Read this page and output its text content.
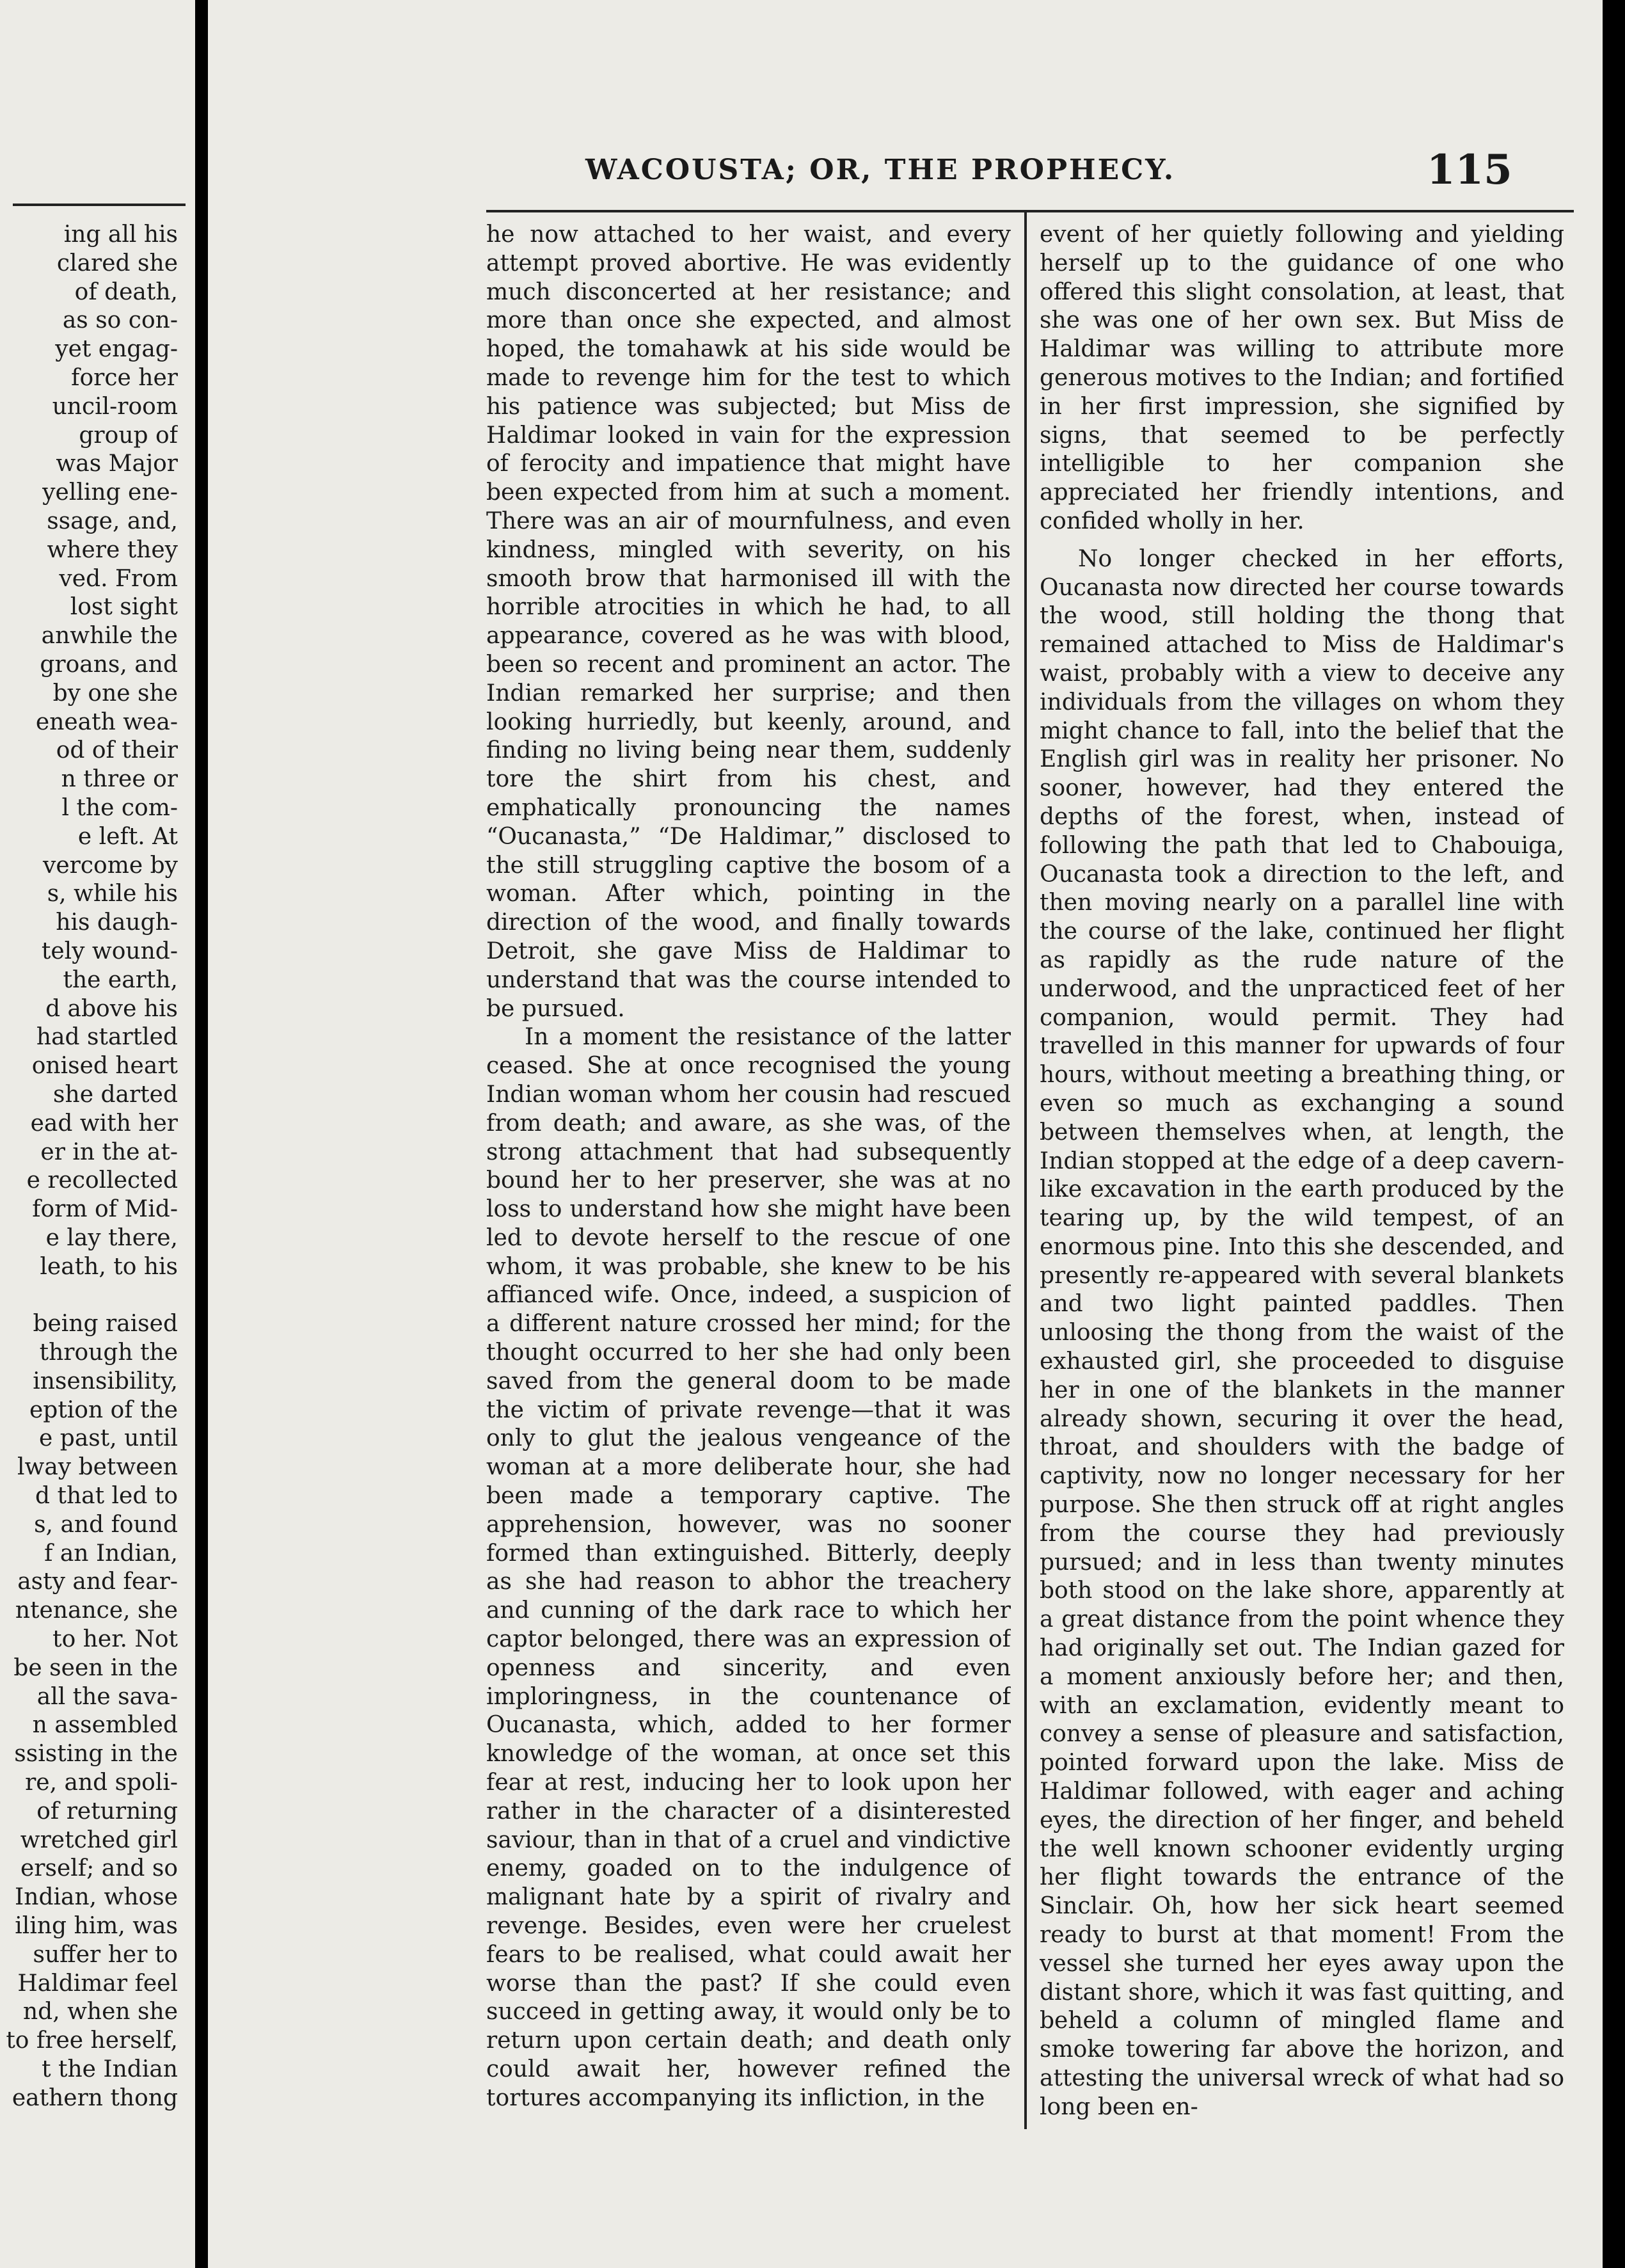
ing all his
clared she
of death,
as so con-
yet engag-
force her
uncil-room
group of
was Major
yelling ene-
ssage, and,
where they
ved. From
lost sight
anwhile the
groans, and
by one she
eneath wea-
od of their
n three or
l the com-
e left. At
vercome by
s, while his
his daugh-
tely wound-
the earth,
d above his
had startled
onised heart
she darted
ead with her
er in the at-
e recollected
form of Mid-
e lay there,
leath, to his
being raised
through the
insensibility,
eption of the
e past, until
lway between
d that led to
s, and found
f an Indian,
asty and fear-
ntenance, she
to her. Not
be seen in the
all the sava-
n assembled
ssisting in the
re, and spoli-
of returning
wretched girl
erself; and so
Indian, whose
iling him, was
suffer her to
Haldimar feel
nd, when she
to free herself,
t the Indian
eathern thong
WACOUSTA; OR, THE PROPHECY.	115

he now attached to her waist, and every attempt proved abortive. He was evidently much disconcerted at her resistance; and more than once she expected, and almost hoped, the tomahawk at his side would be made to revenge him for the test to which his patience was subjected; but Miss de Haldimar looked in vain for the expression of ferocity and impatience that might have been expected from him at such a moment. There was an air of mournfulness, and even kindness, mingled with severity, on his smooth brow that harmonised ill with the horrible atrocities in which he had, to all appearance, covered as he was with blood, been so recent and prominent an actor. The Indian remarked her surprise; and then looking hurriedly, but keenly, around, and finding no living being near them, suddenly tore the shirt from his chest, and emphatically pronouncing the names “Oucanasta,” “De Haldimar,” disclosed to the still struggling captive the bosom of a woman. After which, pointing in the direction of the wood, and finally towards Detroit, she gave Miss de Haldimar to understand that was the course intended to be pursued.

In a moment the resistance of the latter ceased. She at once recognised the young Indian woman whom her cousin had rescued from death; and aware, as she was, of the strong attachment that had subsequently bound her to her preserver, she was at no loss to understand how she might have been led to devote herself to the rescue of one whom, it was probable, she knew to be his affianced wife. Once, indeed, a suspicion of a different nature crossed her mind; for the thought occurred to her she had only been saved from the general doom to be made the victim of private revenge—that it was only to glut the jealous vengeance of the woman at a more deliberate hour, she had been made a temporary captive. The apprehension, however, was no sooner formed than extinguished. Bitterly, deeply as she had reason to abhor the treachery and cunning of the dark race to which her captor belonged, there was an expression of openness and sincerity, and even imploringness, in the countenance of Oucanasta, which, added to her former knowledge of the woman, at once set this fear at rest, inducing her to look upon her rather in the character of a disinterested saviour, than in that of a cruel and vindictive enemy, goaded on to the indulgence of malignant hate by a spirit of rivalry and revenge. Besides, even were her cruelest fears to be realised, what could await her worse than the past? If she could even succeed in getting away, it would only be to return upon certain death; and death only could await her, however refined the tortures accompanying its infliction, in the

event of her quietly following and yielding herself up to the guidance of one who offered this slight consolation, at least, that she was one of her own sex. But Miss de Haldimar was willing to attribute more generous motives to the Indian; and fortified in her first impression, she signified by signs, that seemed to be perfectly intelligible to her companion she appreciated her friendly intentions, and confided wholly in her.

No longer checked in her efforts, Oucanasta now directed her course towards the wood, still holding the thong that remained attached to Miss de Haldimar's waist, probably with a view to deceive any individuals from the villages on whom they might chance to fall, into the belief that the English girl was in reality her prisoner. No sooner, however, had they entered the depths of the forest, when, instead of following the path that led to Chabouiga, Oucanasta took a direction to the left, and then moving nearly on a parallel line with the course of the lake, continued her flight as rapidly as the rude nature of the underwood, and the unpracticed feet of her companion, would permit. They had travelled in this manner for upwards of four hours, without meeting a breathing thing, or even so much as exchanging a sound between themselves when, at length, the Indian stopped at the edge of a deep cavern-like excavation in the earth produced by the tearing up, by the wild tempest, of an enormous pine. Into this she descended, and presently re-appeared with several blankets and two light painted paddles. Then unloosing the thong from the waist of the exhausted girl, she proceeded to disguise her in one of the blankets in the manner already shown, securing it over the head, throat, and shoulders with the badge of captivity, now no longer necessary for her purpose. She then struck off at right angles from the course they had previously pursued; and in less than twenty minutes both stood on the lake shore, apparently at a great distance from the point whence they had originally set out. The Indian gazed for a moment anxiously before her; and then, with an exclamation, evidently meant to convey a sense of pleasure and satisfaction, pointed forward upon the lake. Miss de Haldimar followed, with eager and aching eyes, the direction of her finger, and beheld the well known schooner evidently urging her flight towards the entrance of the Sinclair. Oh, how her sick heart seemed ready to burst at that moment! From the vessel she turned her eyes away upon the distant shore, which it was fast quitting, and beheld a column of mingled flame and smoke towering far above the horizon, and attesting the universal wreck of what had so long been en-
